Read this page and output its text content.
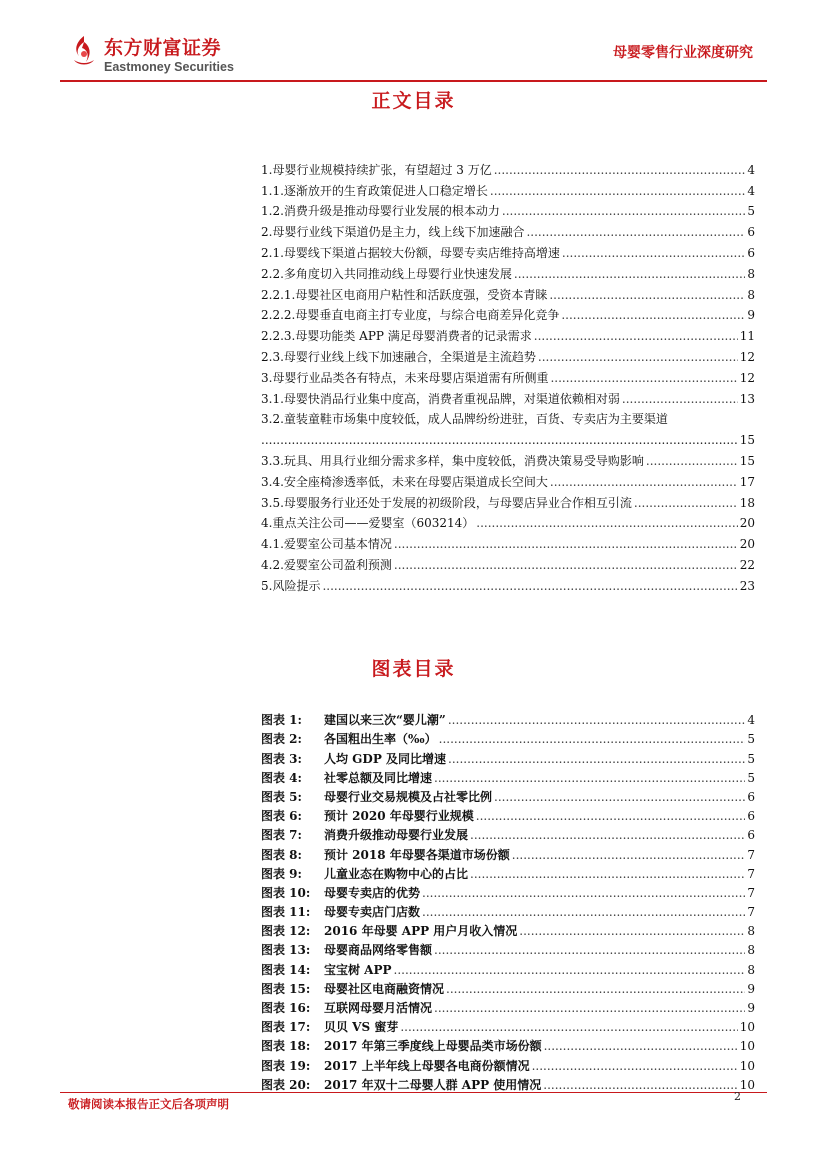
东方财富证券
Eastmoney Securities
母婴零售行业深度研究
正文目录
1.母婴行业规模持续扩张，有望超过 3 万亿 .....	4
1.1.逐渐放开的生育政策促进人口稳定增长 .....	4
1.2.消费升级是推动母婴行业发展的根本动力 .....	5
2.母婴行业线下渠道仍是主力，线上线下加速融合 .....	6
2.1.母婴线下渠道占据较大份额，母婴专卖店维持高增速 .....	6
2.2.多角度切入共同推动线上母婴行业快速发展 .....	8
2.2.1.母婴社区电商用户粘性和活跃度强，受资本青睐 .....	8
2.2.2.母婴垂直电商主打专业度，与综合电商差异化竞争 .....	9
2.2.3.母婴功能类 APP 满足母婴消费者的记录需求 .....	11
2.3.母婴行业线上线下加速融合，全渠道是主流趋势 .....	12
3.母婴行业品类各有特点，未来母婴店渠道需有所侧重 .....	12
3.1.母婴快消品行业集中度高，消费者重视品牌，对渠道依赖相对弱 .....	13
3.2.童装童鞋市场集中度较低，成人品牌纷纷进驻，百货、专卖店为主要渠道
.....
15
3.3.玩具、用具行业细分需求多样，集中度较低，消费决策易受导购影响 .....	15
3.4.安全座椅渗透率低，未来在母婴店渠道成长空间大 .....	17
3.5.母婴服务行业还处于发展的初级阶段，与母婴店异业合作相互引流 .....	18
4.重点关注公司——爱婴室（603214） .....	20
4.1.爱婴室公司基本情况 .....	20
4.2.爱婴室公司盈利预测 .....	22
5.风险提示 .....	23
图表目录
图表 1:	建国以来三次“婴儿潮” .....	4
图表 2:	各国粗出生率（‰） .....	5
图表 3:	人均 GDP 及同比增速 .....	5
图表 4:	社零总额及同比增速 .....	5
图表 5:	母婴行业交易规模及占社零比例 .....	6
图表 6:	预计 2020 年母婴行业规模 .....	6
图表 7:	消费升级推动母婴行业发展 .....	6
图表 8:	预计 2018 年母婴各渠道市场份额 .....	7
图表 9:	儿童业态在购物中心的占比 .....	7
图表 10:	母婴专卖店的优势 .....	7
图表 11:	母婴专卖店门店数 .....	7
图表 12:	2016 年母婴 APP 用户月收入情况 .....	8
图表 13:	母婴商品网络零售额 .....	8
图表 14:	宝宝树 APP .....	8
图表 15:	母婴社区电商融资情况 .....	9
图表 16:	互联网母婴月活情况 .....	9
图表 17:	贝贝 VS 蜜芽 .....	10
图表 18:	2017 年第三季度线上母婴品类市场份额 .....	10
图表 19:	2017 上半年线上母婴各电商份额情况 .....	10
图表 20:	2017 年双十二母婴人群 APP 使用情况 .....	10
敬请阅读本报告正文后各项声明
2
